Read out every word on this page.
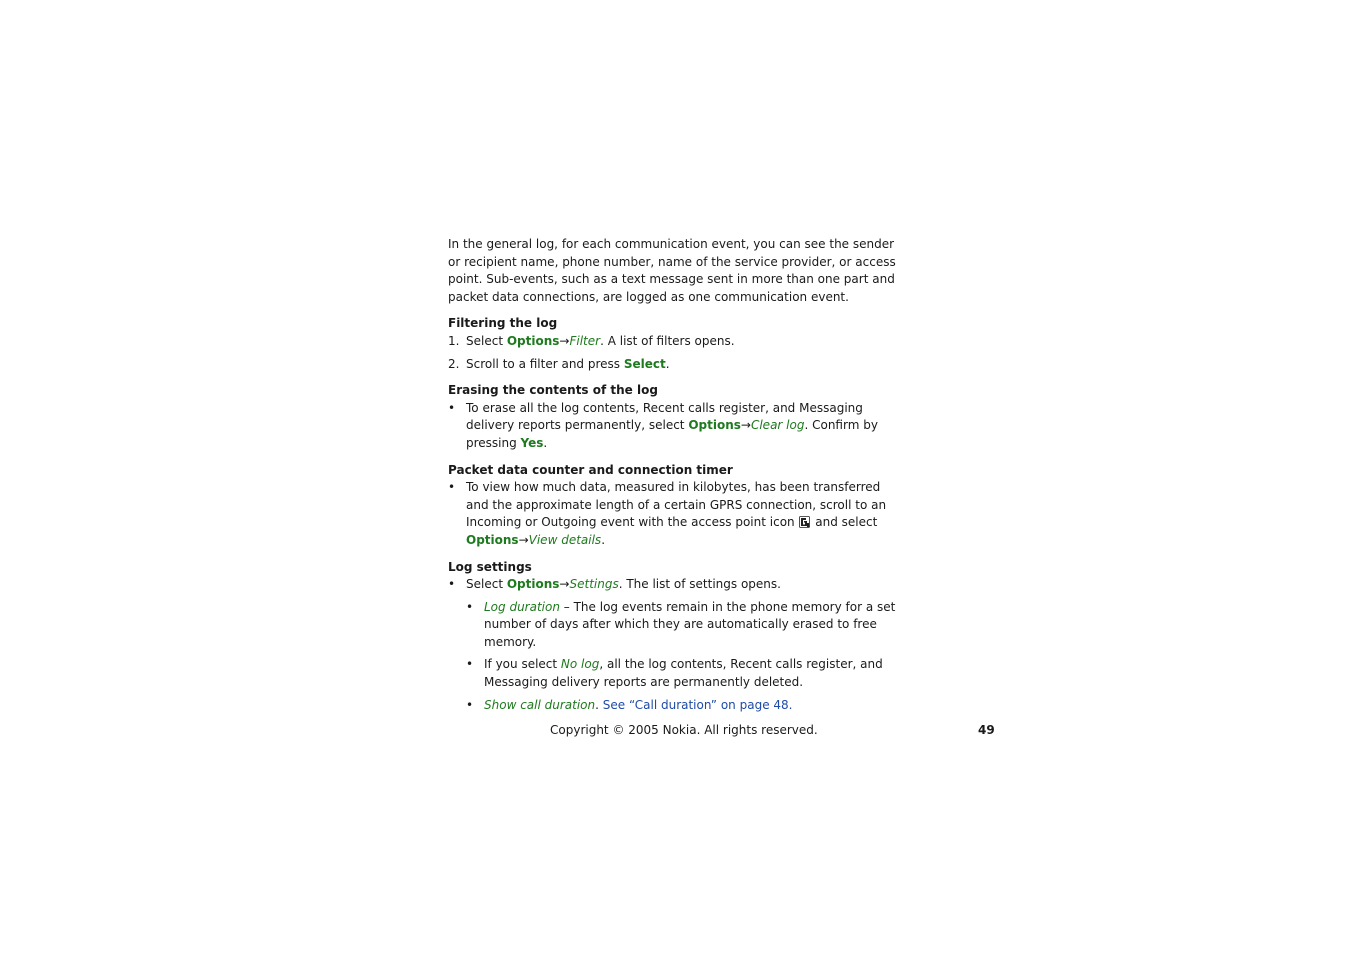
In the general log, for each communication event, you can see the sender or recipient name, phone number, name of the service provider, or access point. Sub-events, such as a text message sent in more than one part and packet data connections, are logged as one communication event.

Filtering the log
1. Select Options→Filter. A list of filters opens.
2. Scroll to a filter and press Select.
Erasing the contents of the log
• To erase all the log contents, Recent calls register, and Messaging delivery reports permanently, select Options→Clear log. Confirm by pressing Yes.
Packet data counter and connection timer
• To view how much data, measured in kilobytes, has been transferred and the approximate length of a certain GPRS connection, scroll to an Incoming or Outgoing event with the access point icon  and select Options→View details.
Log settings
• Select Options→Settings. The list of settings opens.
• Log duration – The log events remain in the phone memory for a set number of days after which they are automatically erased to free memory.
• If you select No log, all the log contents, Recent calls register, and Messaging delivery reports are permanently deleted.
• Show call duration. See “Call duration” on page 48.
Copyright © 2005 Nokia. All rights reserved.	49
